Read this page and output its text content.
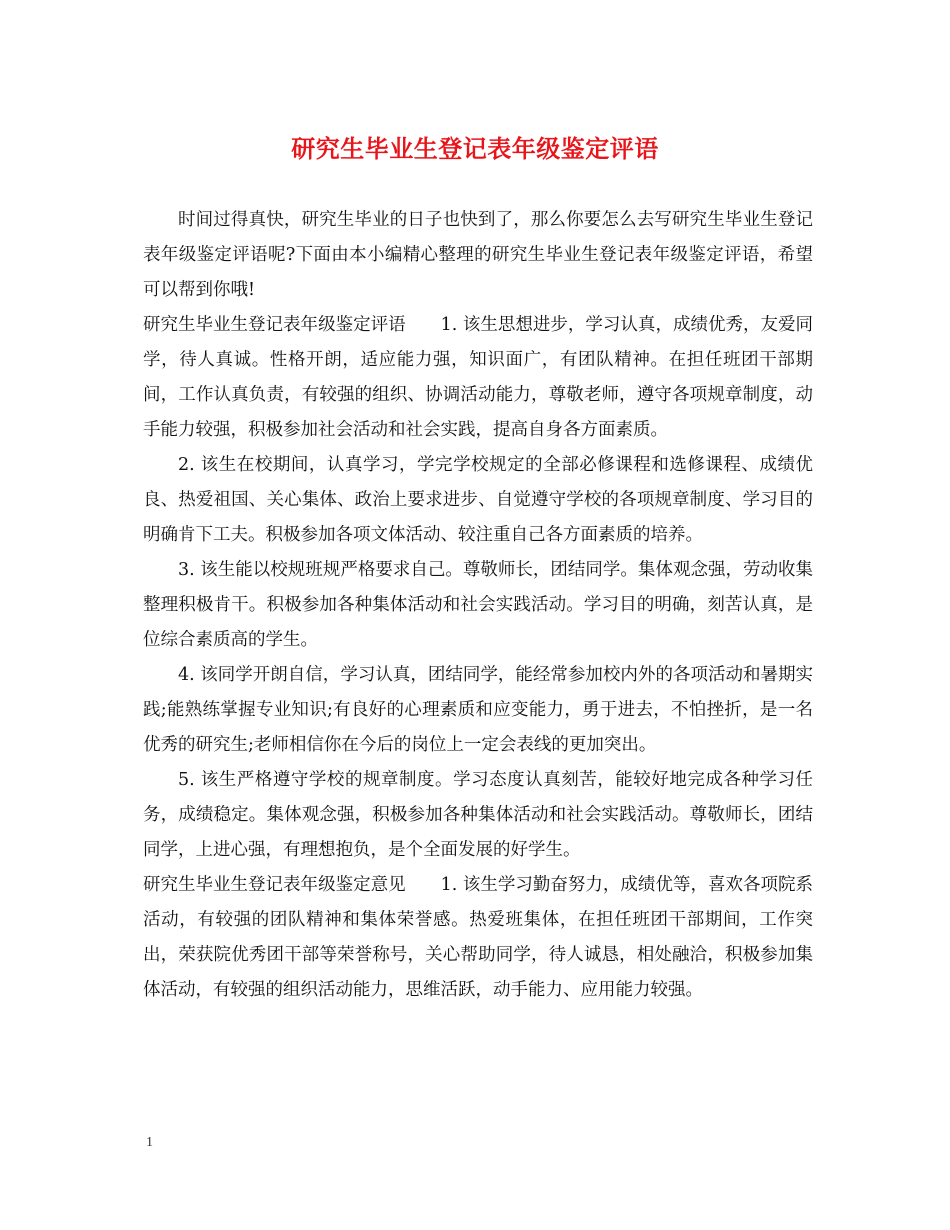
研究生毕业生登记表年级鉴定评语

时间过得真快，研究生毕业的日子也快到了，那么你要怎么去写研究生毕业生登记表年级鉴定评语呢?下面由本小编精心整理的研究生毕业生登记表年级鉴定评语，希望可以帮到你哦!

研究生毕业生登记表年级鉴定评语　　1. 该生思想进步，学习认真，成绩优秀，友爱同学，待人真诚。性格开朗，适应能力强，知识面广，有团队精神。在担任班团干部期间，工作认真负责，有较强的组织、协调活动能力，尊敬老师，遵守各项规章制度，动手能力较强，积极参加社会活动和社会实践，提高自身各方面素质。

2. 该生在校期间，认真学习，学完学校规定的全部必修课程和选修课程、成绩优良、热爱祖国、关心集体、政治上要求进步、自觉遵守学校的各项规章制度、学习目的明确肯下工夫。积极参加各项文体活动、较注重自己各方面素质的培养。

3. 该生能以校规班规严格要求自己。尊敬师长，团结同学。集体观念强，劳动收集整理积极肯干。积极参加各种集体活动和社会实践活动。学习目的明确，刻苦认真，是位综合素质高的学生。

4. 该同学开朗自信，学习认真，团结同学，能经常参加校内外的各项活动和暑期实践;能熟练掌握专业知识;有良好的心理素质和应变能力，勇于进去，不怕挫折，是一名优秀的研究生;老师相信你在今后的岗位上一定会表线的更加突出。

5. 该生严格遵守学校的规章制度。学习态度认真刻苦，能较好地完成各种学习任务，成绩稳定。集体观念强，积极参加各种集体活动和社会实践活动。尊敬师长，团结同学，上进心强，有理想抱负，是个全面发展的好学生。

研究生毕业生登记表年级鉴定意见　　1. 该生学习勤奋努力，成绩优等，喜欢各项院系活动，有较强的团队精神和集体荣誉感。热爱班集体，在担任班团干部期间，工作突出，荣获院优秀团干部等荣誉称号，关心帮助同学，待人诚恳，相处融洽，积极参加集体活动，有较强的组织活动能力，思维活跃，动手能力、应用能力较强。

1
